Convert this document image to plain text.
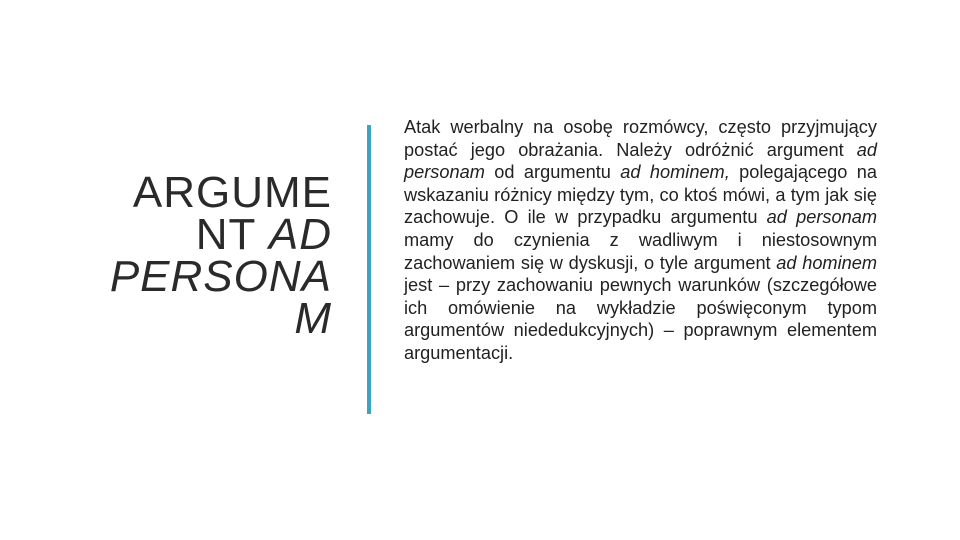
ARGUME
NT AD
PERSONA
M

Atak werbalny na osobę rozmówcy, często przyjmujący postać jego obrażania. Należy odróżnić argument ad personam od argumentu ad hominem, polegającego na wskazaniu różnicy między tym, co ktoś mówi, a tym jak się zachowuje. O ile w przypadku argumentu ad personam mamy do czynienia z wadliwym i niestosownym zachowaniem się w dyskusji, o tyle argument ad hominem jest – przy zachowaniu pewnych warunków (szczegółowe ich omówienie na wykładzie poświęconym typom argumentów niededukcyjnych) – poprawnym elementem argumentacji.
